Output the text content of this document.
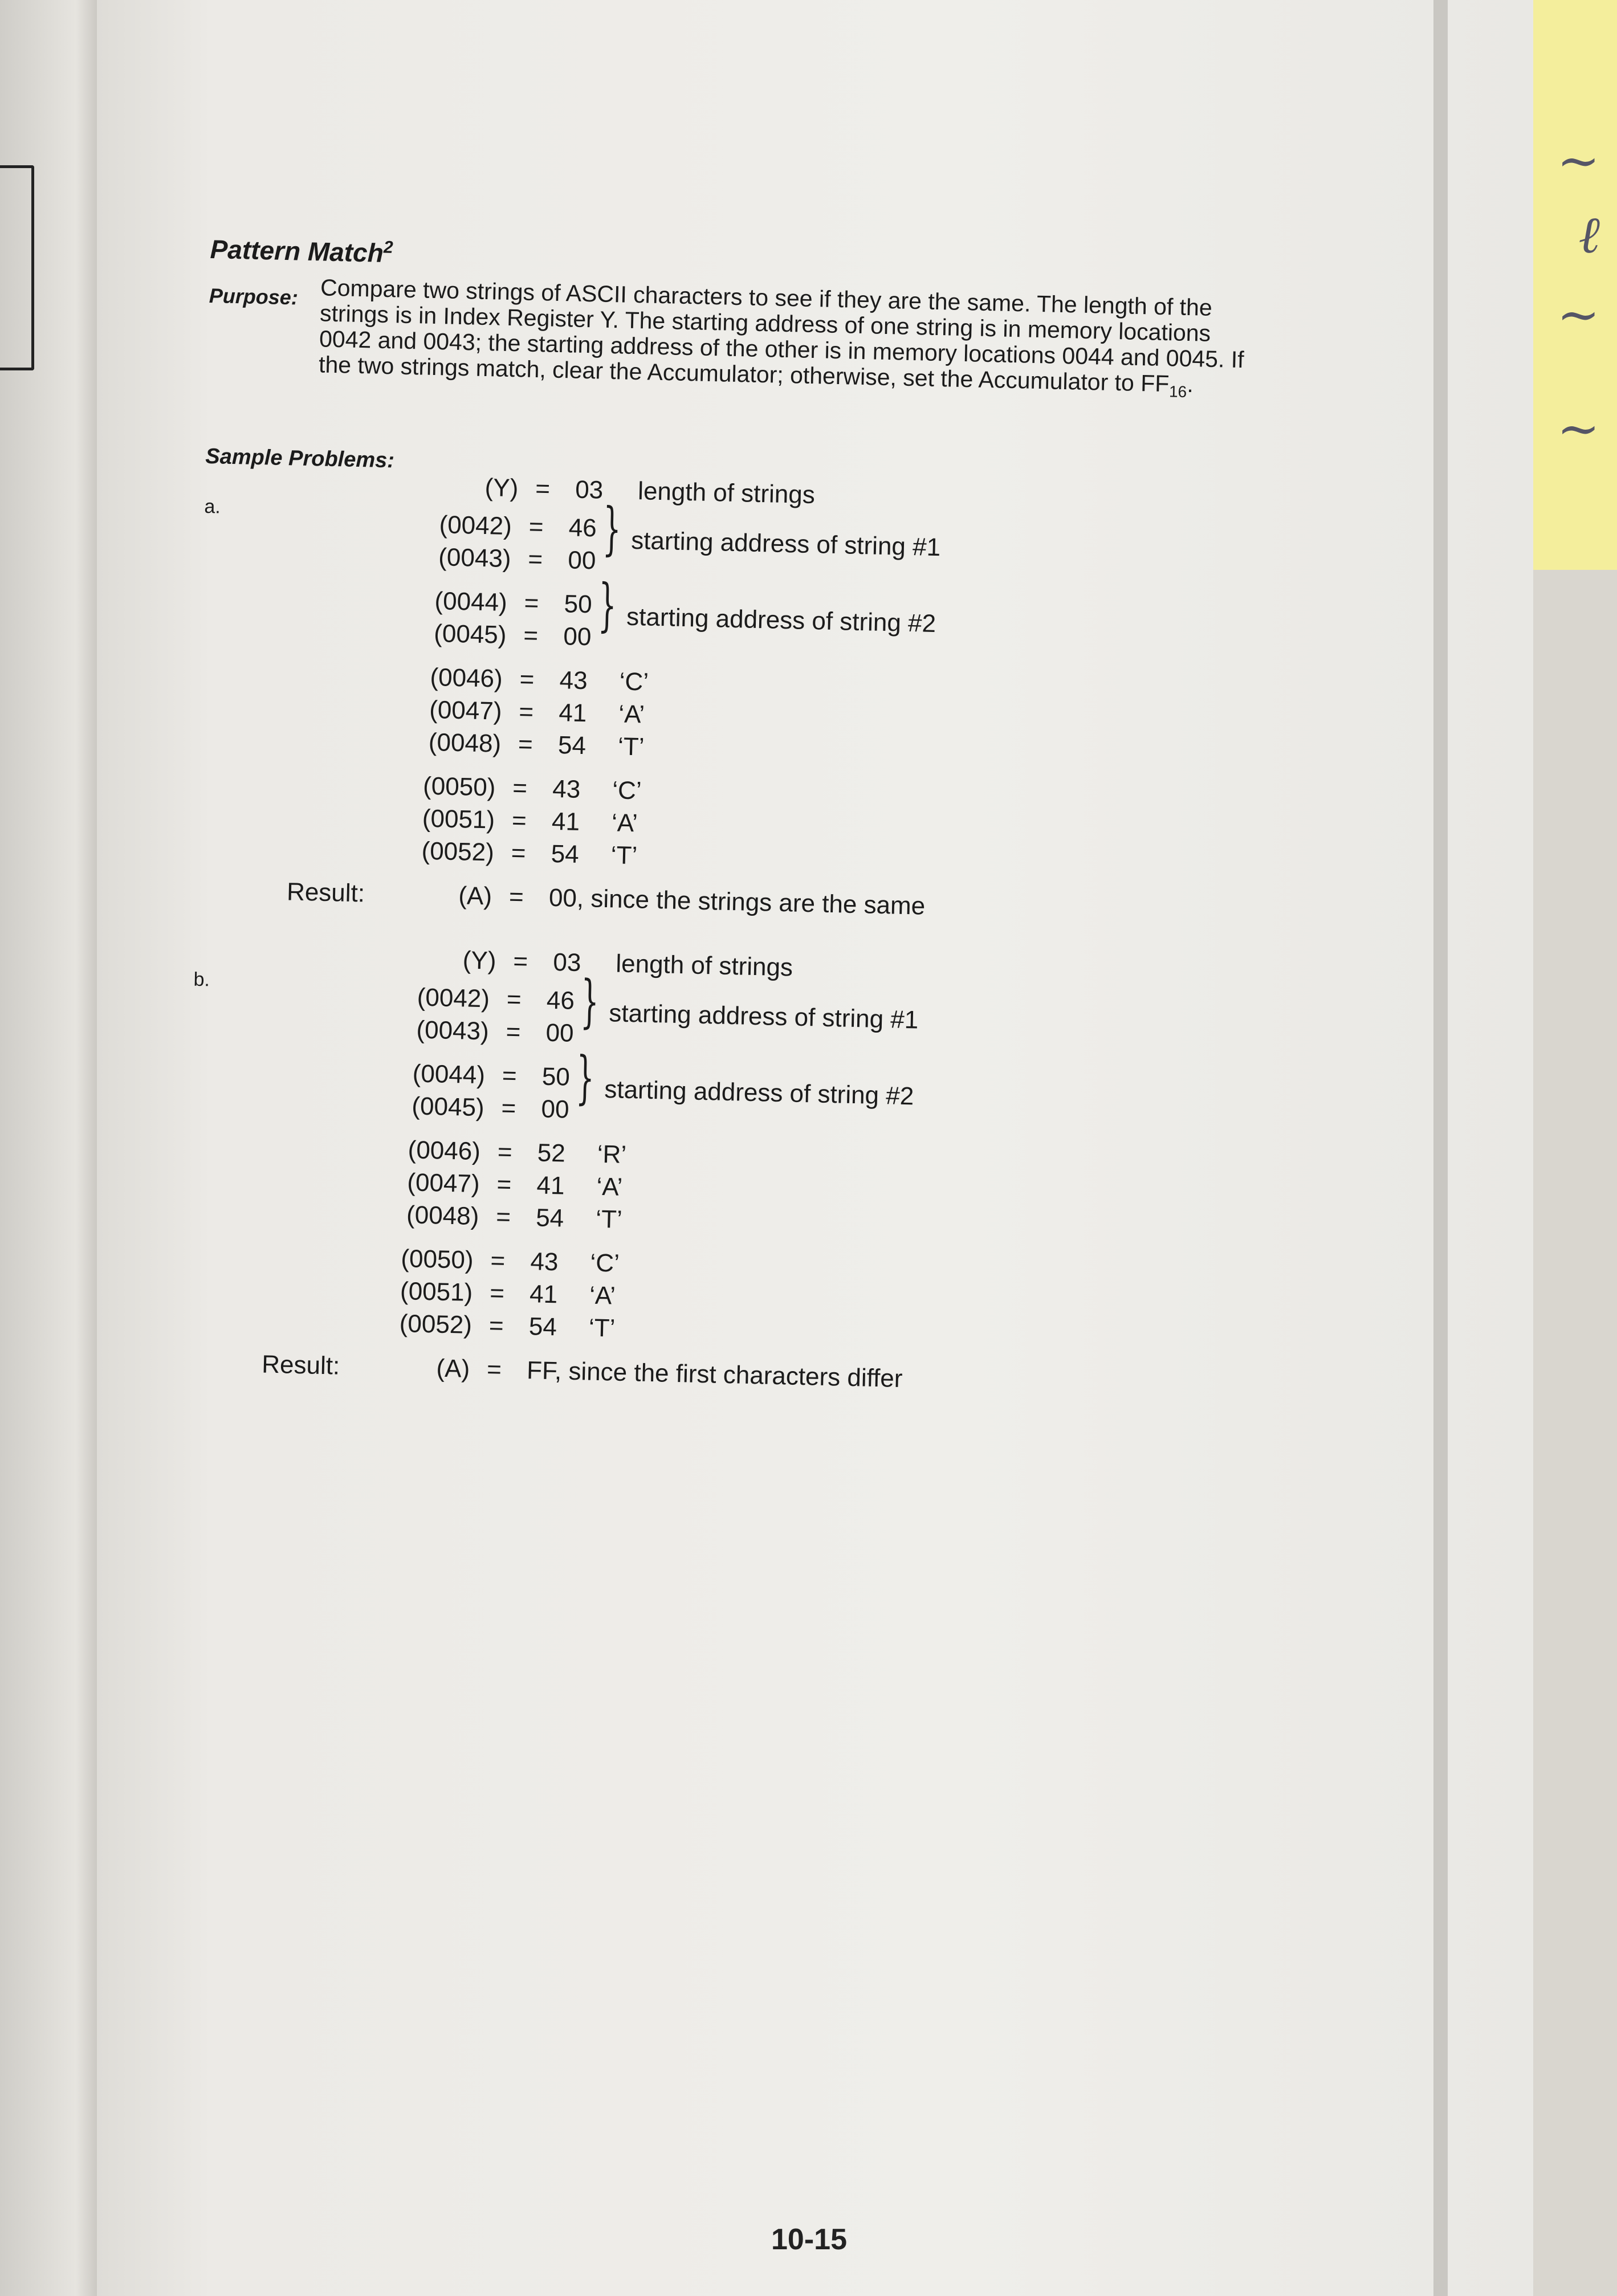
~
ℓ
~
~
Pattern Match$^2$
Purpose: Compare two strings of ASCII characters to see if they are the same. The length of the strings is in Index Register Y. The starting address of one string is in memory locations 0042 and 0043; the starting address of the other is in memory locations 0044 and 0045. If the two strings match, clear the Accumulator; otherwise, set the Accumulator to $FF_{16}$.
Sample Problems:
a.
(Y) = 03 length of strings
(0042) = 46
(0043) = 00 } starting address of string #1
(0044) = 50
(0045) = 00 } starting address of string #2
(0046) = 43 ‘C’
(0047) = 41 ‘A’
(0048) = 54 ‘T’
(0050) = 43 ‘C’
(0051) = 41 ‘A’
(0052) = 54 ‘T’
Result:	(A) = 00, since the strings are the same
b.
(Y) = 03 length of strings
(0042) = 46
(0043) = 00 } starting address of string #1
(0044) = 50
(0045) = 00 } starting address of string #2
(0046) = 52 ‘R’
(0047) = 41 ‘A’
(0048) = 54 ‘T’
(0050) = 43 ‘C’
(0051) = 41 ‘A’
(0052) = 54 ‘T’
Result:	(A) = FF, since the first characters differ
10-15
